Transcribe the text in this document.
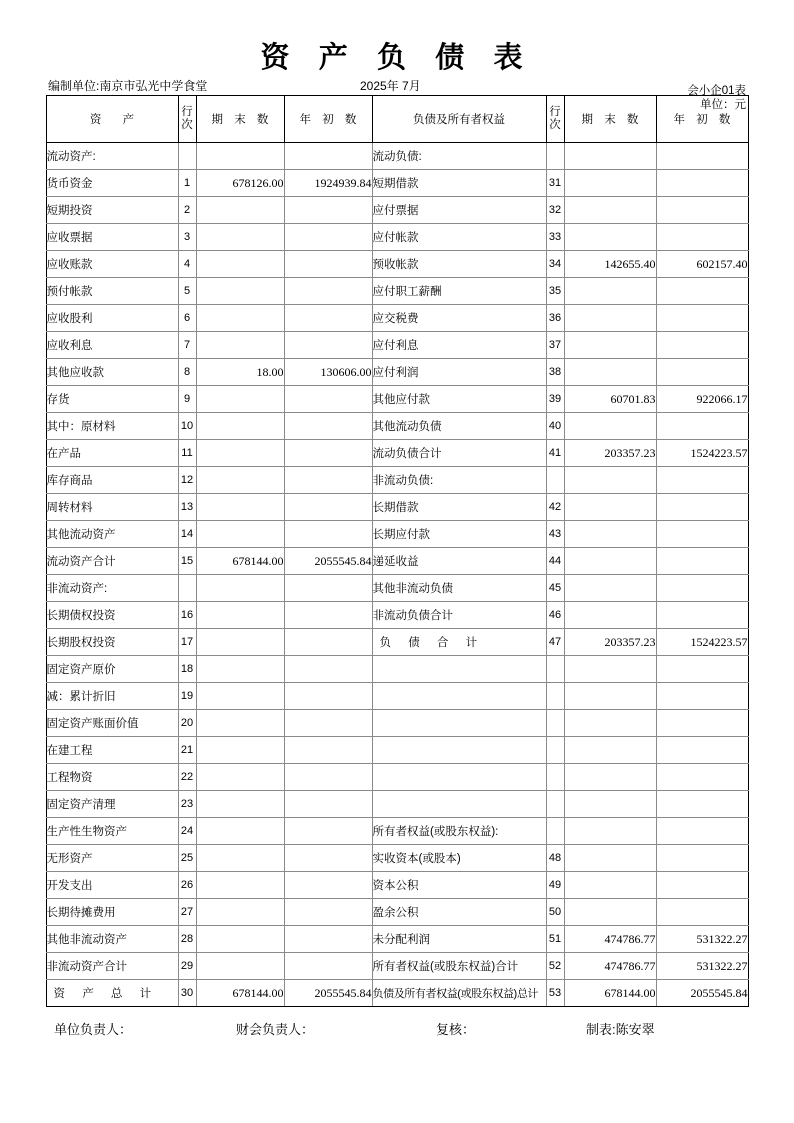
资 产 负 债 表
会小企01表
单位：元
编制单位:南京市弘光中学食堂	2025年 7月
资 产	行次	期 末 数	年 初 数	负债及所有者权益	行次	期 末 数	年 初 数
流动资产:				流动负债:			
货币资金	1	678126.00	1924939.84	短期借款	31		
短期投资	2			应付票据	32		
应收票据	3			应付帐款	33		
应收账款	4			预收帐款	34	142655.40	602157.40
预付帐款	5			应付职工薪酬	35		
应收股利	6			应交税费	36		
应收利息	7			应付利息	37		
其他应收款	8	18.00	130606.00	应付利润	38		
存货	9			其他应付款	39	60701.83	922066.17
其中：原材料	10			其他流动负债	40		
在产品	11			流动负债合计	41	203357.23	1524223.57
库存商品	12			非流动负债:			
周转材料	13			长期借款	42		
其他流动资产	14			长期应付款	43		
流动资产合计	15	678144.00	2055545.84	递延收益	44		
非流动资产:				其他非流动负债	45		
长期债权投资	16			非流动负债合计	46		
长期股权投资	17			负 债 合 计	47	203357.23	1524223.57
固定资产原价	18						
减：累计折旧	19						
固定资产账面价值	20						
在建工程	21						
工程物资	22						
固定资产清理	23						
生产性生物资产	24			所有者权益(或股东权益):			
无形资产	25			实收资本(或股本)	48		
开发支出	26			资本公积	49		
长期待摊费用	27			盈余公积	50		
其他非流动资产	28			未分配利润	51	474786.77	531322.27
非流动资产合计	29			所有者权益(或股东权益)合计	52	474786.77	531322.27
资 产 总 计	30	678144.00	2055545.84	负债及所有者权益(或股东权益)总计	53	678144.00	2055545.84
单位负责人：	财会负责人：	复核：	制表:陈安翠
